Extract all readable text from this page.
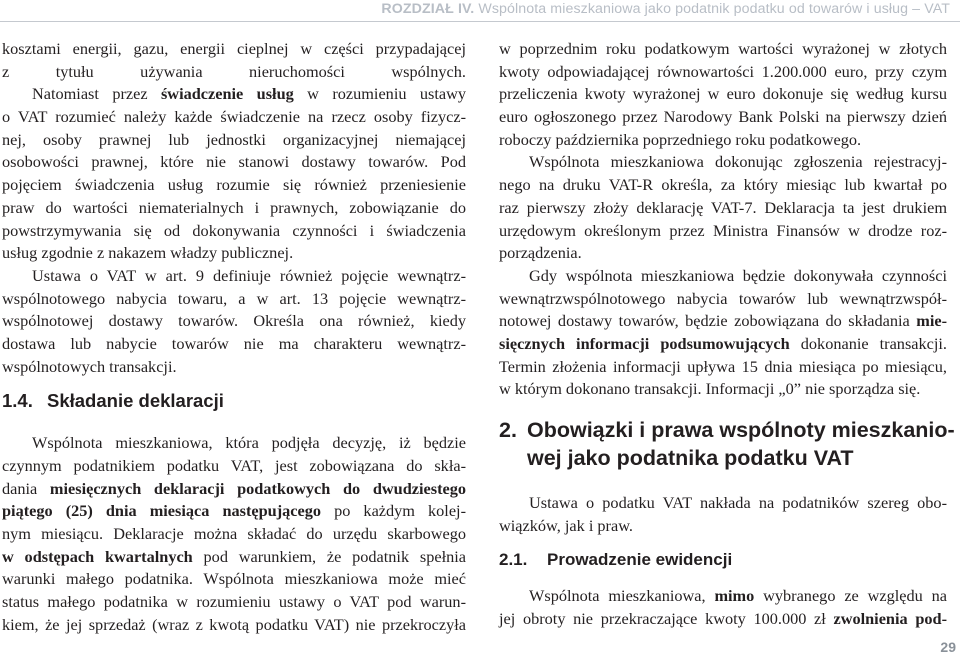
ROZDZIAŁ IV. Wspólnota mieszkaniowa jako podatnik podatku od towarów i usług – VAT
kosztami energii, gazu, energii cieplnej w części przypadającej
z tytułu używania nieruchomości wspólnych.
Natomiast przez świadczenie usług w rozumieniu ustawy
o VAT rozumieć należy każde świadczenie na rzecz osoby fizycz-
nej, osoby prawnej lub jednostki organizacyjnej niemającej
osobowości prawnej, które nie stanowi dostawy towarów. Pod
pojęciem świadczenia usług rozumie się również przeniesienie
praw do wartości niematerialnych i prawnych, zobowiązanie do
powstrzymywania się od dokonywania czynności i świadczenia
usług zgodnie z nakazem władzy publicznej.
Ustawa o VAT w art. 9 definiuje również pojęcie wewnątrz-
wspólnotowego nabycia towaru, a w art. 13 pojęcie wewnątrz-
wspólnotowej dostawy towarów. Określa ona również, kiedy
dostawa lub nabycie towarów nie ma charakteru wewnątrz-
wspólnotowych transakcji.
1.4. Składanie deklaracji
Wspólnota mieszkaniowa, która podjęła decyzję, iż będzie
czynnym podatnikiem podatku VAT, jest zobowiązana do skła-
dania miesięcznych deklaracji podatkowych do dwudziestego
piątego (25) dnia miesiąca następującego po każdym kolej-
nym miesiącu. Deklaracje można składać do urzędu skarbowego
w odstępach kwartalnych pod warunkiem, że podatnik spełnia
warunki małego podatnika. Wspólnota mieszkaniowa może mieć
status małego podatnika w rozumieniu ustawy o VAT pod warun-
kiem, że jej sprzedaż (wraz z kwotą podatku VAT) nie przekroczyła
w poprzednim roku podatkowym wartości wyrażonej w złotych
kwoty odpowiadającej równowartości 1.200.000 euro, przy czym
przeliczenia kwoty wyrażonej w euro dokonuje się według kursu
euro ogłoszonego przez Narodowy Bank Polski na pierwszy dzień
roboczy października poprzedniego roku podatkowego.
Wspólnota mieszkaniowa dokonując zgłoszenia rejestracyj-
nego na druku VAT-R określa, za który miesiąc lub kwartał po
raz pierwszy złoży deklarację VAT-7. Deklaracja ta jest drukiem
urzędowym określonym przez Ministra Finansów w drodze roz-
porządzenia.
Gdy wspólnota mieszkaniowa będzie dokonywała czynności
wewnątrzwspólnotowego nabycia towarów lub wewnątrzwspół-
notowej dostawy towarów, będzie zobowiązana do składania mie-
sięcznych informacji podsumowujących dokonanie transakcji.
Termin złożenia informacji upływa 15 dnia miesiąca po miesiącu,
w którym dokonano transakcji. Informacji „0” nie sporządza się.
2. Obowiązki i prawa wspólnoty mieszkanio-
wej jako podatnika podatku VAT
Ustawa o podatku VAT nakłada na podatników szereg obo-
wiązków, jak i praw.
2.1. Prowadzenie ewidencji
Wspólnota mieszkaniowa, mimo wybranego ze względu na
jej obroty nie przekraczające kwoty 100.000 zł zwolnienia pod-
29
